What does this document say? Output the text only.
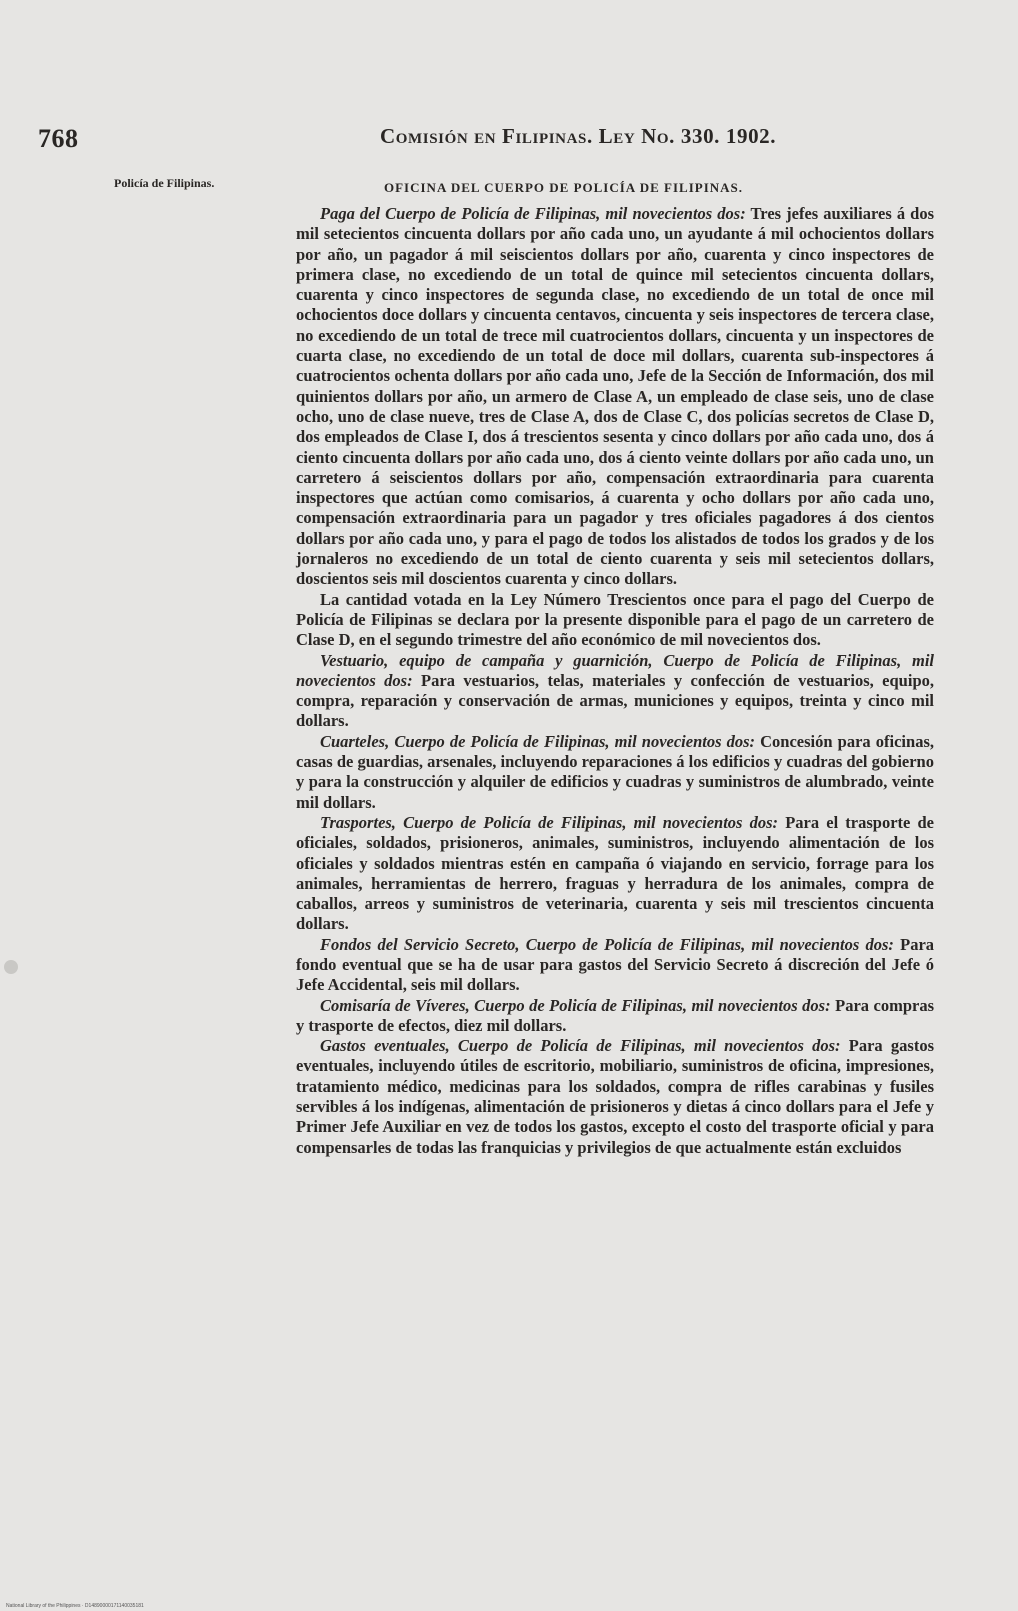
768	Comisión en Filipinas. Ley No. 330. 1902.
Policía de Filipinas.	OFICINA DEL CUERPO DE POLICÍA DE FILIPINAS.

Paga del Cuerpo de Policía de Filipinas, mil novecientos dos: Tres jefes auxiliares á dos mil setecientos cincuenta dollars por año cada uno, un ayudante á mil ochocientos dollars por año, un pagador á mil seiscientos dollars por año, cuarenta y cinco inspectores de primera clase, no excediendo de un total de quince mil setecientos cincuenta dollars, cuarenta y cinco inspectores de segunda clase, no excediendo de un total de once mil ochocientos doce dollars y cincuenta centavos, cincuenta y seis inspectores de tercera clase, no excediendo de un total de trece mil cuatrocientos dollars, cincuenta y un inspectores de cuarta clase, no excediendo de un total de doce mil dollars, cuarenta sub-inspectores á cuatrocientos ochenta dollars por año cada uno, Jefe de la Sección de Información, dos mil quinientos dollars por año, un armero de Clase A, un empleado de clase seis, uno de clase ocho, uno de clase nueve, tres de Clase A, dos de Clase C, dos policías secretos de Clase D, dos empleados de Clase I, dos á trescientos sesenta y cinco dollars por año cada uno, dos á ciento cincuenta dollars por año cada uno, dos á ciento veinte dollars por año cada uno, un carretero á seiscientos dollars por año, compensación extraordinaria para cuarenta inspectores que actúan como comisarios, á cuarenta y ocho dollars por año cada uno, compensación extraordinaria para un pagador y tres oficiales pagadores á dos cientos dollars por año cada uno, y para el pago de todos los alistados de todos los grados y de los jornaleros no excediendo de un total de ciento cuarenta y seis mil setecientos dollars, doscientos seis mil doscientos cuarenta y cinco dollars.

La cantidad votada en la Ley Número Trescientos once para el pago del Cuerpo de Policía de Filipinas se declara por la presente disponible para el pago de un carretero de Clase D, en el segundo trimestre del año económico de mil novecientos dos.

Vestuario, equipo de campaña y guarnición, Cuerpo de Policía de Filipinas, mil novecientos dos: Para vestuarios, telas, materiales y confección de vestuarios, equipo, compra, reparación y conservación de armas, municiones y equipos, treinta y cinco mil dollars.

Cuarteles, Cuerpo de Policía de Filipinas, mil novecientos dos: Concesión para oficinas, casas de guardias, arsenales, incluyendo reparaciones á los edificios y cuadras del gobierno y para la construcción y alquiler de edificios y cuadras y suministros de alumbrado, veinte mil dollars.

Trasportes, Cuerpo de Policía de Filipinas, mil novecientos dos: Para el trasporte de oficiales, soldados, prisioneros, animales, suministros, incluyendo alimentación de los oficiales y soldados mientras estén en campaña ó viajando en servicio, forrage para los animales, herramientas de herrero, fraguas y herradura de los animales, compra de caballos, arreos y suministros de veterinaria, cuarenta y seis mil trescientos cincuenta dollars.

Fondos del Servicio Secreto, Cuerpo de Policía de Filipinas, mil novecientos dos: Para fondo eventual que se ha de usar para gastos del Servicio Secreto á discreción del Jefe ó Jefe Accidental, seis mil dollars.

Comisaría de Víveres, Cuerpo de Policía de Filipinas, mil novecientos dos: Para compras y trasporte de efectos, diez mil dollars.

Gastos eventuales, Cuerpo de Policía de Filipinas, mil novecientos dos: Para gastos eventuales, incluyendo útiles de escritorio, mobiliario, suministros de oficina, impresiones, tratamiento médico, medicinas para los soldados, compra de rifles carabinas y fusiles servibles á los indígenas, alimentación de prisioneros y dietas á cinco dollars para el Jefe y Primer Jefe Auxiliar en vez de todos los gastos, excepto el costo del trasporte oficial y para compensarles de todas las franquicias y privilegios de que actualmente están excluidos

National Library of the Philippines · D14890000171140035181
